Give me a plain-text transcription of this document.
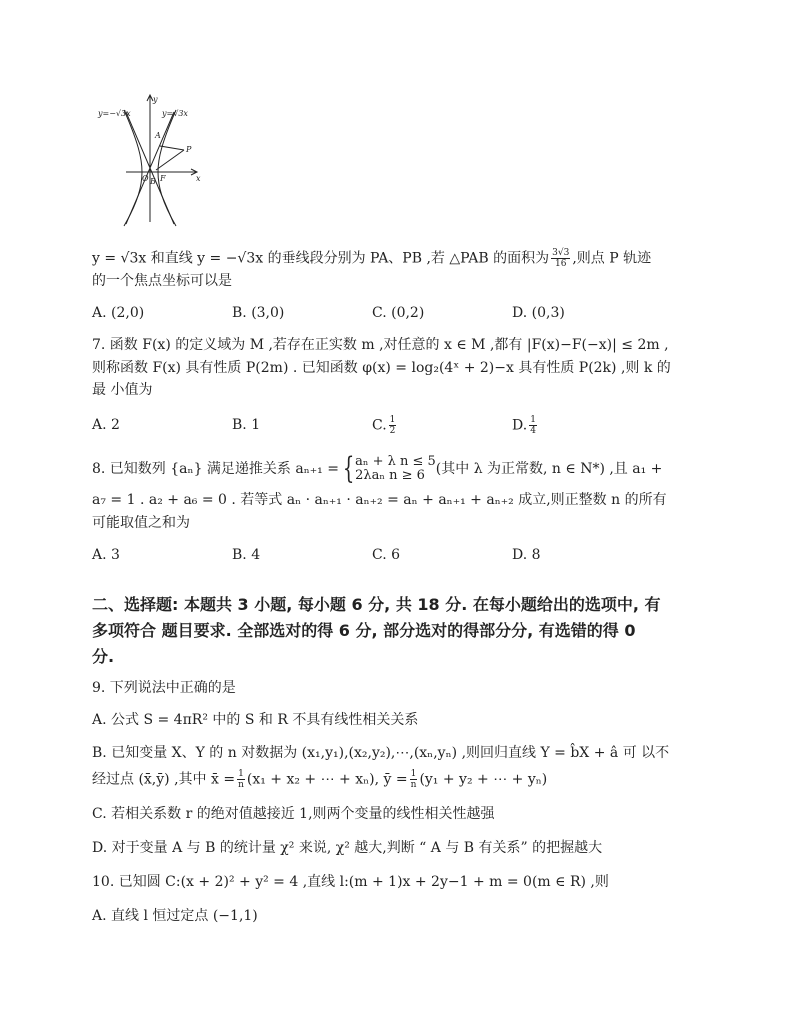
y=−√3x	y=√3x
y
x
A
P
O B F
y = √3x 和直线 y = −√3x 的垂线段分别为 PA、PB ,若 △PAB 的面积为 $\frac{3√3}{16}$ ,则点 P 轨迹
的一个焦点坐标可以是
A. (2,0)	B. (3,0)	C. (0,2)	D. (0,3)
7. 函数 F(x) 的定义域为 M ,若存在正实数 m ,对任意的 x ∈ M ,都有 |F(x)−F(−x)| ≤ 2m ,
则称函数 F(x) 具有性质 P(2m) . 已知函数 φ(x) = log₂(4ˣ + 2)−x 具有性质 P(2k) ,则 k 的
最 小值为
A. 2	B. 1	C. $\frac{1}{2}$	D. $\frac{1}{4}$
8. 已知数列 {aₙ} 满足递推关系 aₙ₊₁ = { aₙ + λ n ≤ 5
2λaₙ n ≥ 6 (其中 λ 为正常数, n ∈ N*) ,且 a₁ +
a₇ = 1 . a₂ + a₆ = 0 . 若等式 aₙ · aₙ₊₁ · aₙ₊₂ = aₙ + aₙ₊₁ + aₙ₊₂ 成立,则正整数 n 的所有
可能取值之和为
A. 3	B. 4	C. 6	D. 8
二、选择题: 本题共 3 小题, 每小题 6 分, 共 18 分. 在每小题给出的选项中, 有
多项符合 题目要求. 全部选对的得 6 分, 部分选对的得部分分, 有选错的得 0
分.
9. 下列说法中正确的是
A. 公式 S = 4πR² 中的 S 和 R 不具有线性相关关系
B. 已知变量 X、Y 的 n 对数据为 (x₁,y₁),(x₂,y₂),⋯,(xₙ,yₙ) ,则回归直线 Y = b̂X + â 可 以不
经过点 (x̄,ȳ) ,其中 x̄ = $\frac{1}{n} (x_1 + x_2$ + ⋯ + xₙ), ȳ = $\frac{1}{n} (y_1 + y_2$ + ⋯ + yₙ)
C. 若相关系数 r 的绝对值越接近 1,则两个变量的线性相关性越强
D. 对于变量 A 与 B 的统计量 χ² 来说, χ² 越大,判断 “ A 与 B 有关系” 的把握越大
10. 已知圆 C:(x + 2)² + y² = 4 ,直线 l:(m + 1)x + 2y−1 + m = 0(m ∈ R) ,则
A. 直线 l 恒过定点 (−1,1)
